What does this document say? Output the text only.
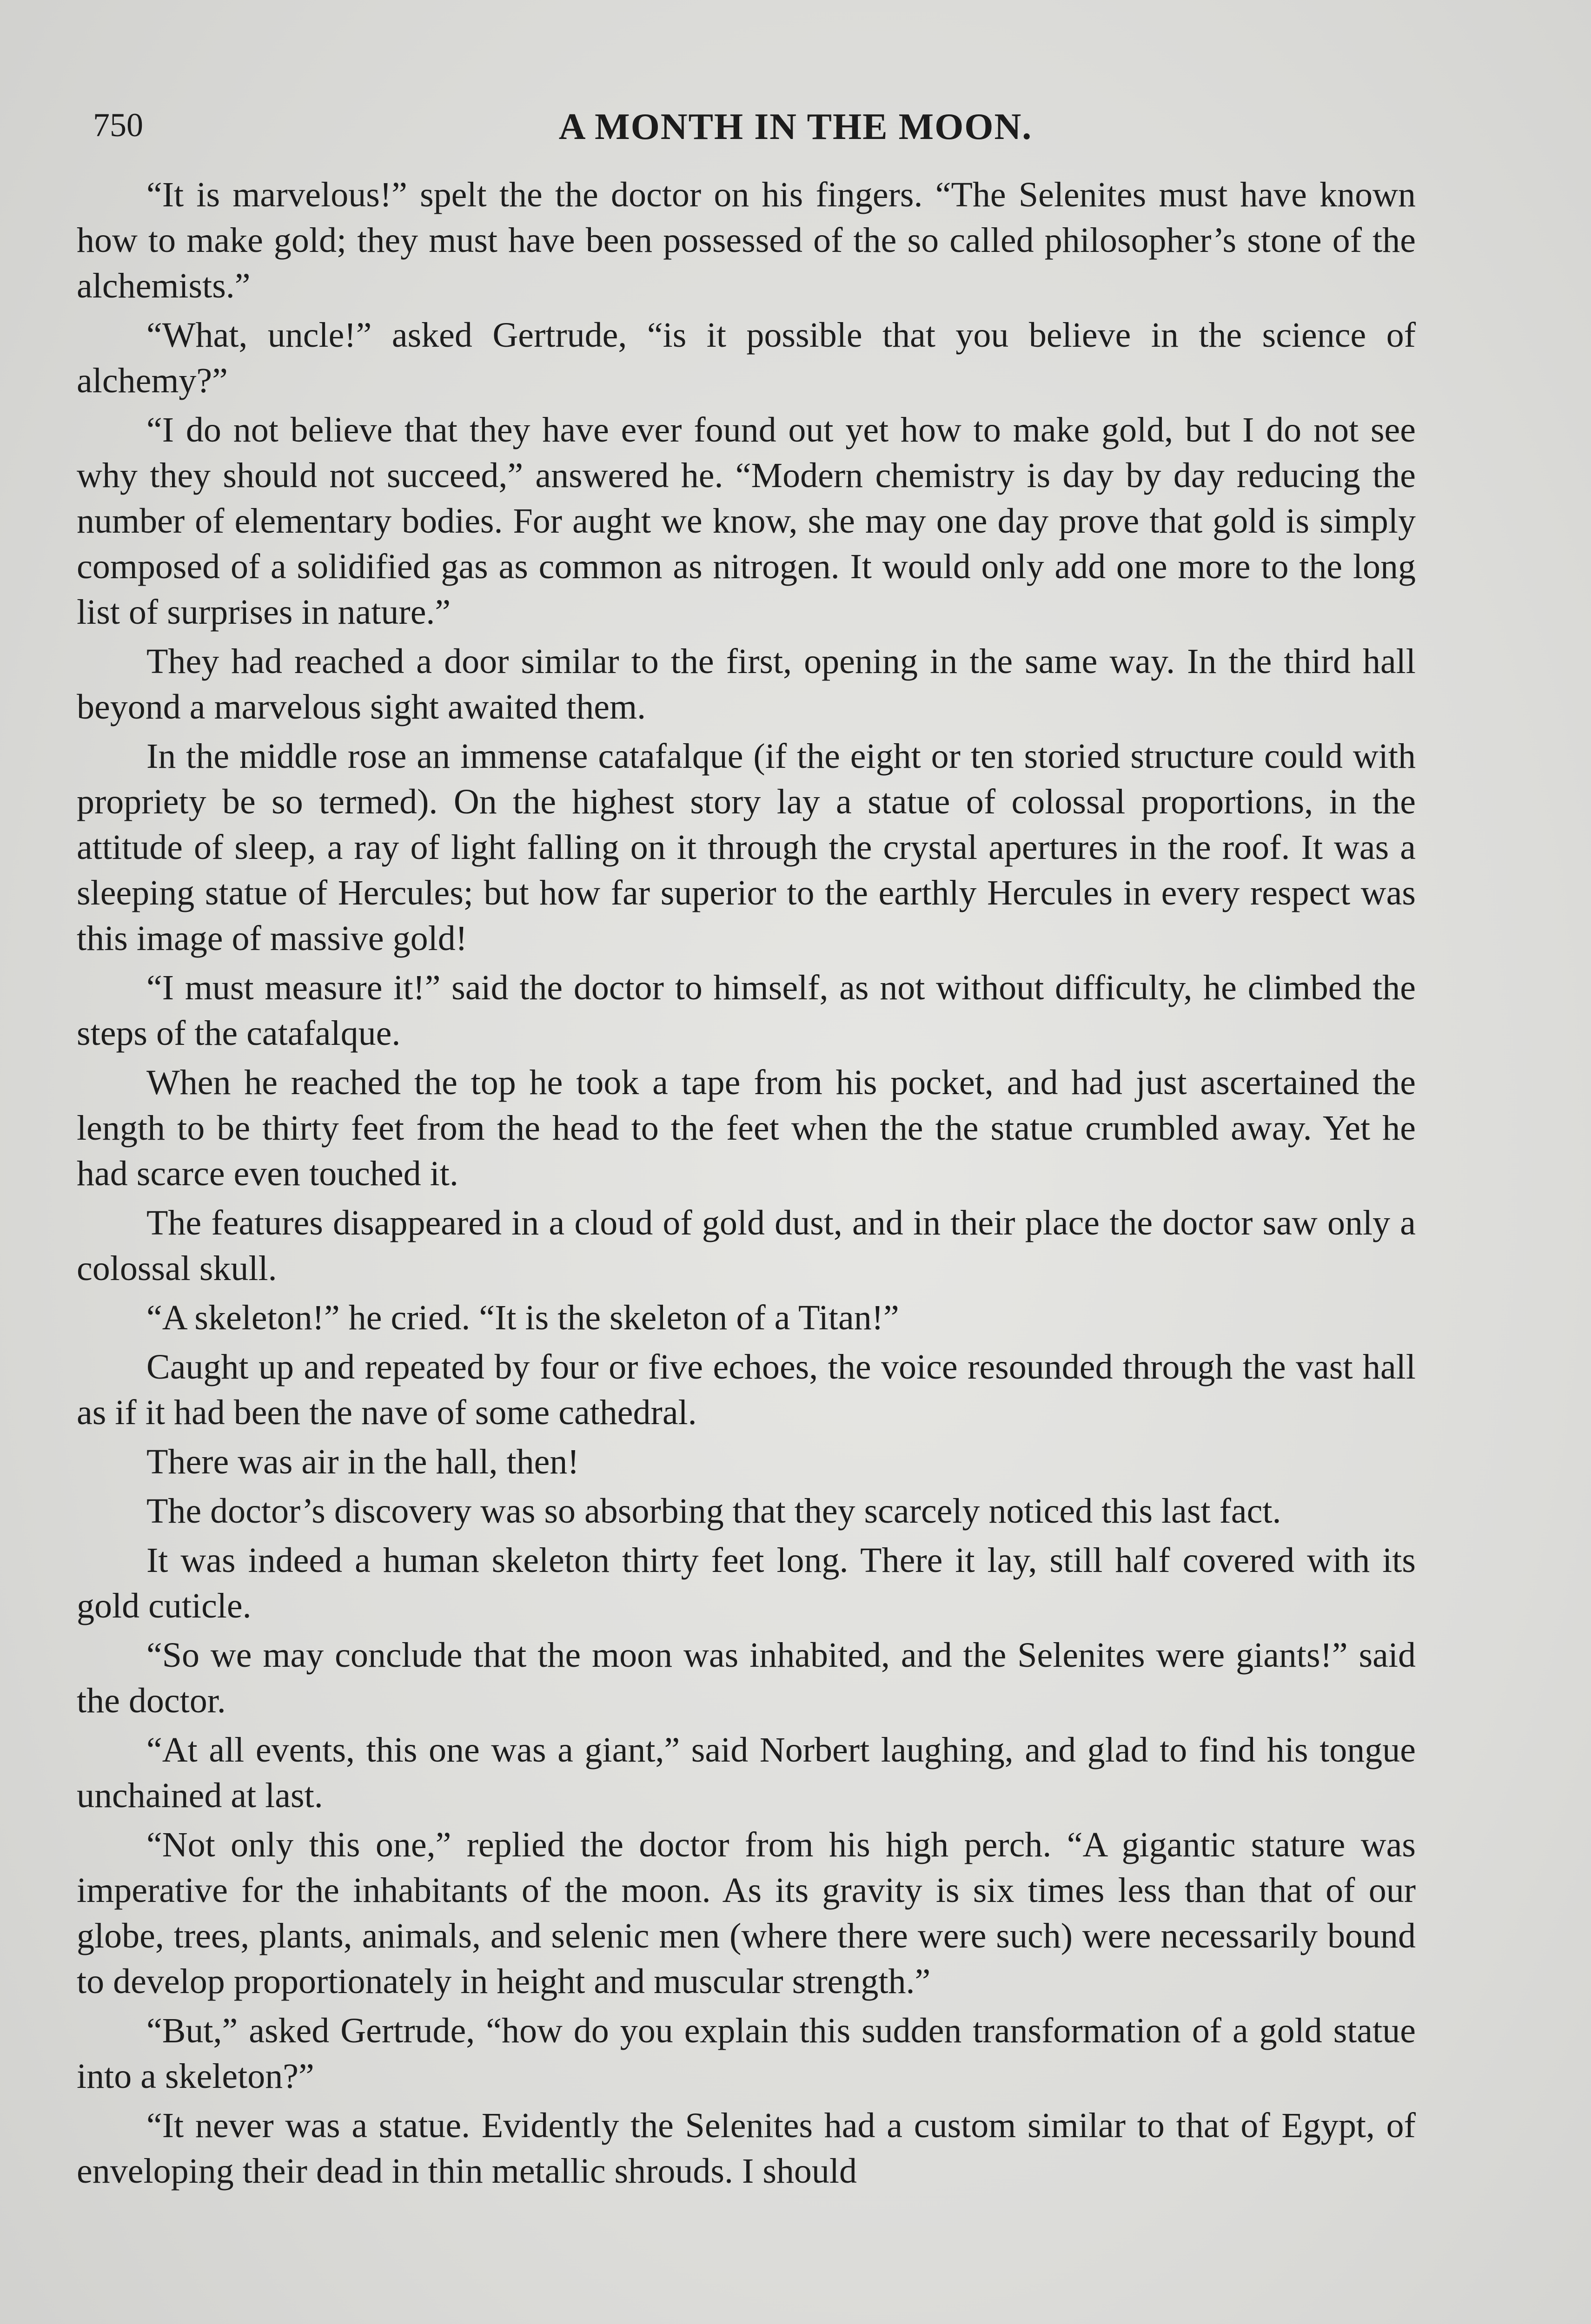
750	A MONTH IN THE MOON.

“It is marvelous!” spelt the the doctor on his fingers. “The Selenites must have known how to make gold; they must have been possessed of the so called philosopher’s stone of the alchemists.”

“What, uncle!” asked Gertrude, “is it possible that you believe in the science of alchemy?”

“I do not believe that they have ever found out yet how to make gold, but I do not see why they should not succeed,” answered he. “Modern chemistry is day by day reducing the number of elementary bodies. For aught we know, she may one day prove that gold is simply composed of a solidified gas as common as nitrogen. It would only add one more to the long list of surprises in nature.”

They had reached a door similar to the first, opening in the same way. In the third hall beyond a marvelous sight awaited them.

In the middle rose an immense catafalque (if the eight or ten storied structure could with propriety be so termed). On the highest story lay a statue of colossal proportions, in the attitude of sleep, a ray of light falling on it through the crystal apertures in the roof. It was a sleeping statue of Hercules; but how far superior to the earthly Hercules in every respect was this image of massive gold!

“I must measure it!” said the doctor to himself, as not without difficulty, he climbed the steps of the catafalque.

When he reached the top he took a tape from his pocket, and had just ascertained the length to be thirty feet from the head to the feet when the the statue crumbled away. Yet he had scarce even touched it.

The features disappeared in a cloud of gold dust, and in their place the doctor saw only a colossal skull.

“A skeleton!” he cried. “It is the skeleton of a Titan!”

Caught up and repeated by four or five echoes, the voice resounded through the vast hall as if it had been the nave of some cathedral.

There was air in the hall, then!

The doctor’s discovery was so absorbing that they scarcely noticed this last fact.

It was indeed a human skeleton thirty feet long. There it lay, still half covered with its gold cuticle.

“So we may conclude that the moon was inhabited, and the Selenites were giants!” said the doctor.

“At all events, this one was a giant,” said Norbert laughing, and glad to find his tongue unchained at last.

“Not only this one,” replied the doctor from his high perch. “A gigantic stature was imperative for the inhabitants of the moon. As its gravity is six times less than that of our globe, trees, plants, animals, and selenic men (where there were such) were necessarily bound to develop proportionately in height and muscular strength.”

“But,” asked Gertrude, “how do you explain this sudden transformation of a gold statue into a skeleton?”

“It never was a statue. Evidently the Selenites had a custom similar to that of Egypt, of enveloping their dead in thin metallic shrouds. I should
